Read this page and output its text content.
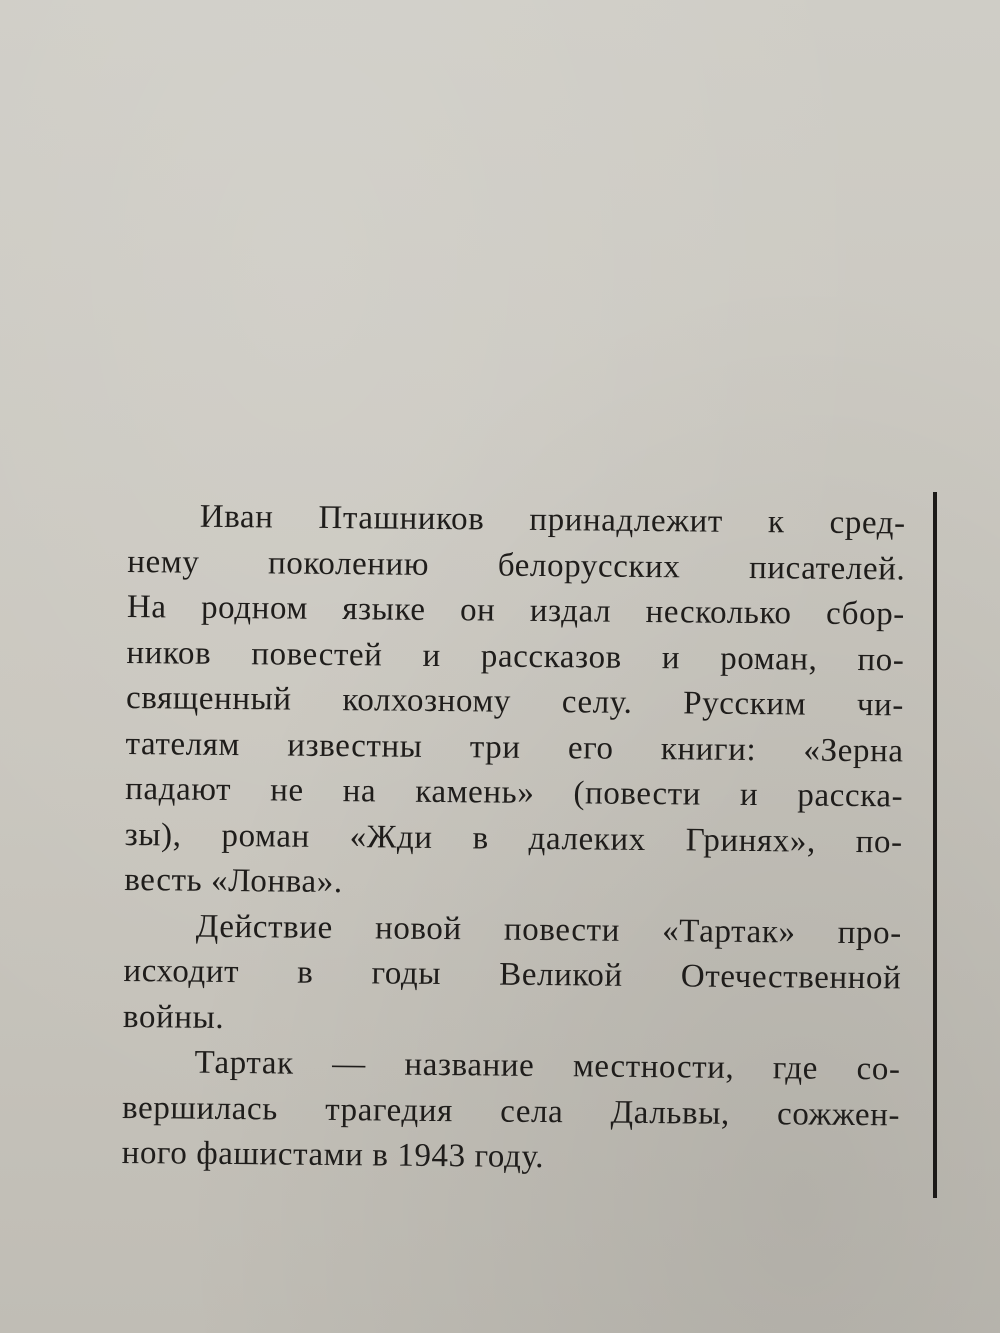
Иван Пташников принадлежит к сред-
нему поколению белорусских писателей.
На родном языке он издал несколько сбор-
ников повестей и рассказов и роман, по-
священный колхозному селу. Русским чи-
тателям известны три его книги: «Зерна
падают не на камень» (повести и расска-
зы), роман «Жди в далеких Гринях», по-
весть «Лонва».
Действие новой повести «Тартак» про-
исходит в годы Великой Отечественной
войны.
Тартак — название местности, где со-
вершилась трагедия села Дальвы, сожжен-
ного фашистами в 1943 году.
